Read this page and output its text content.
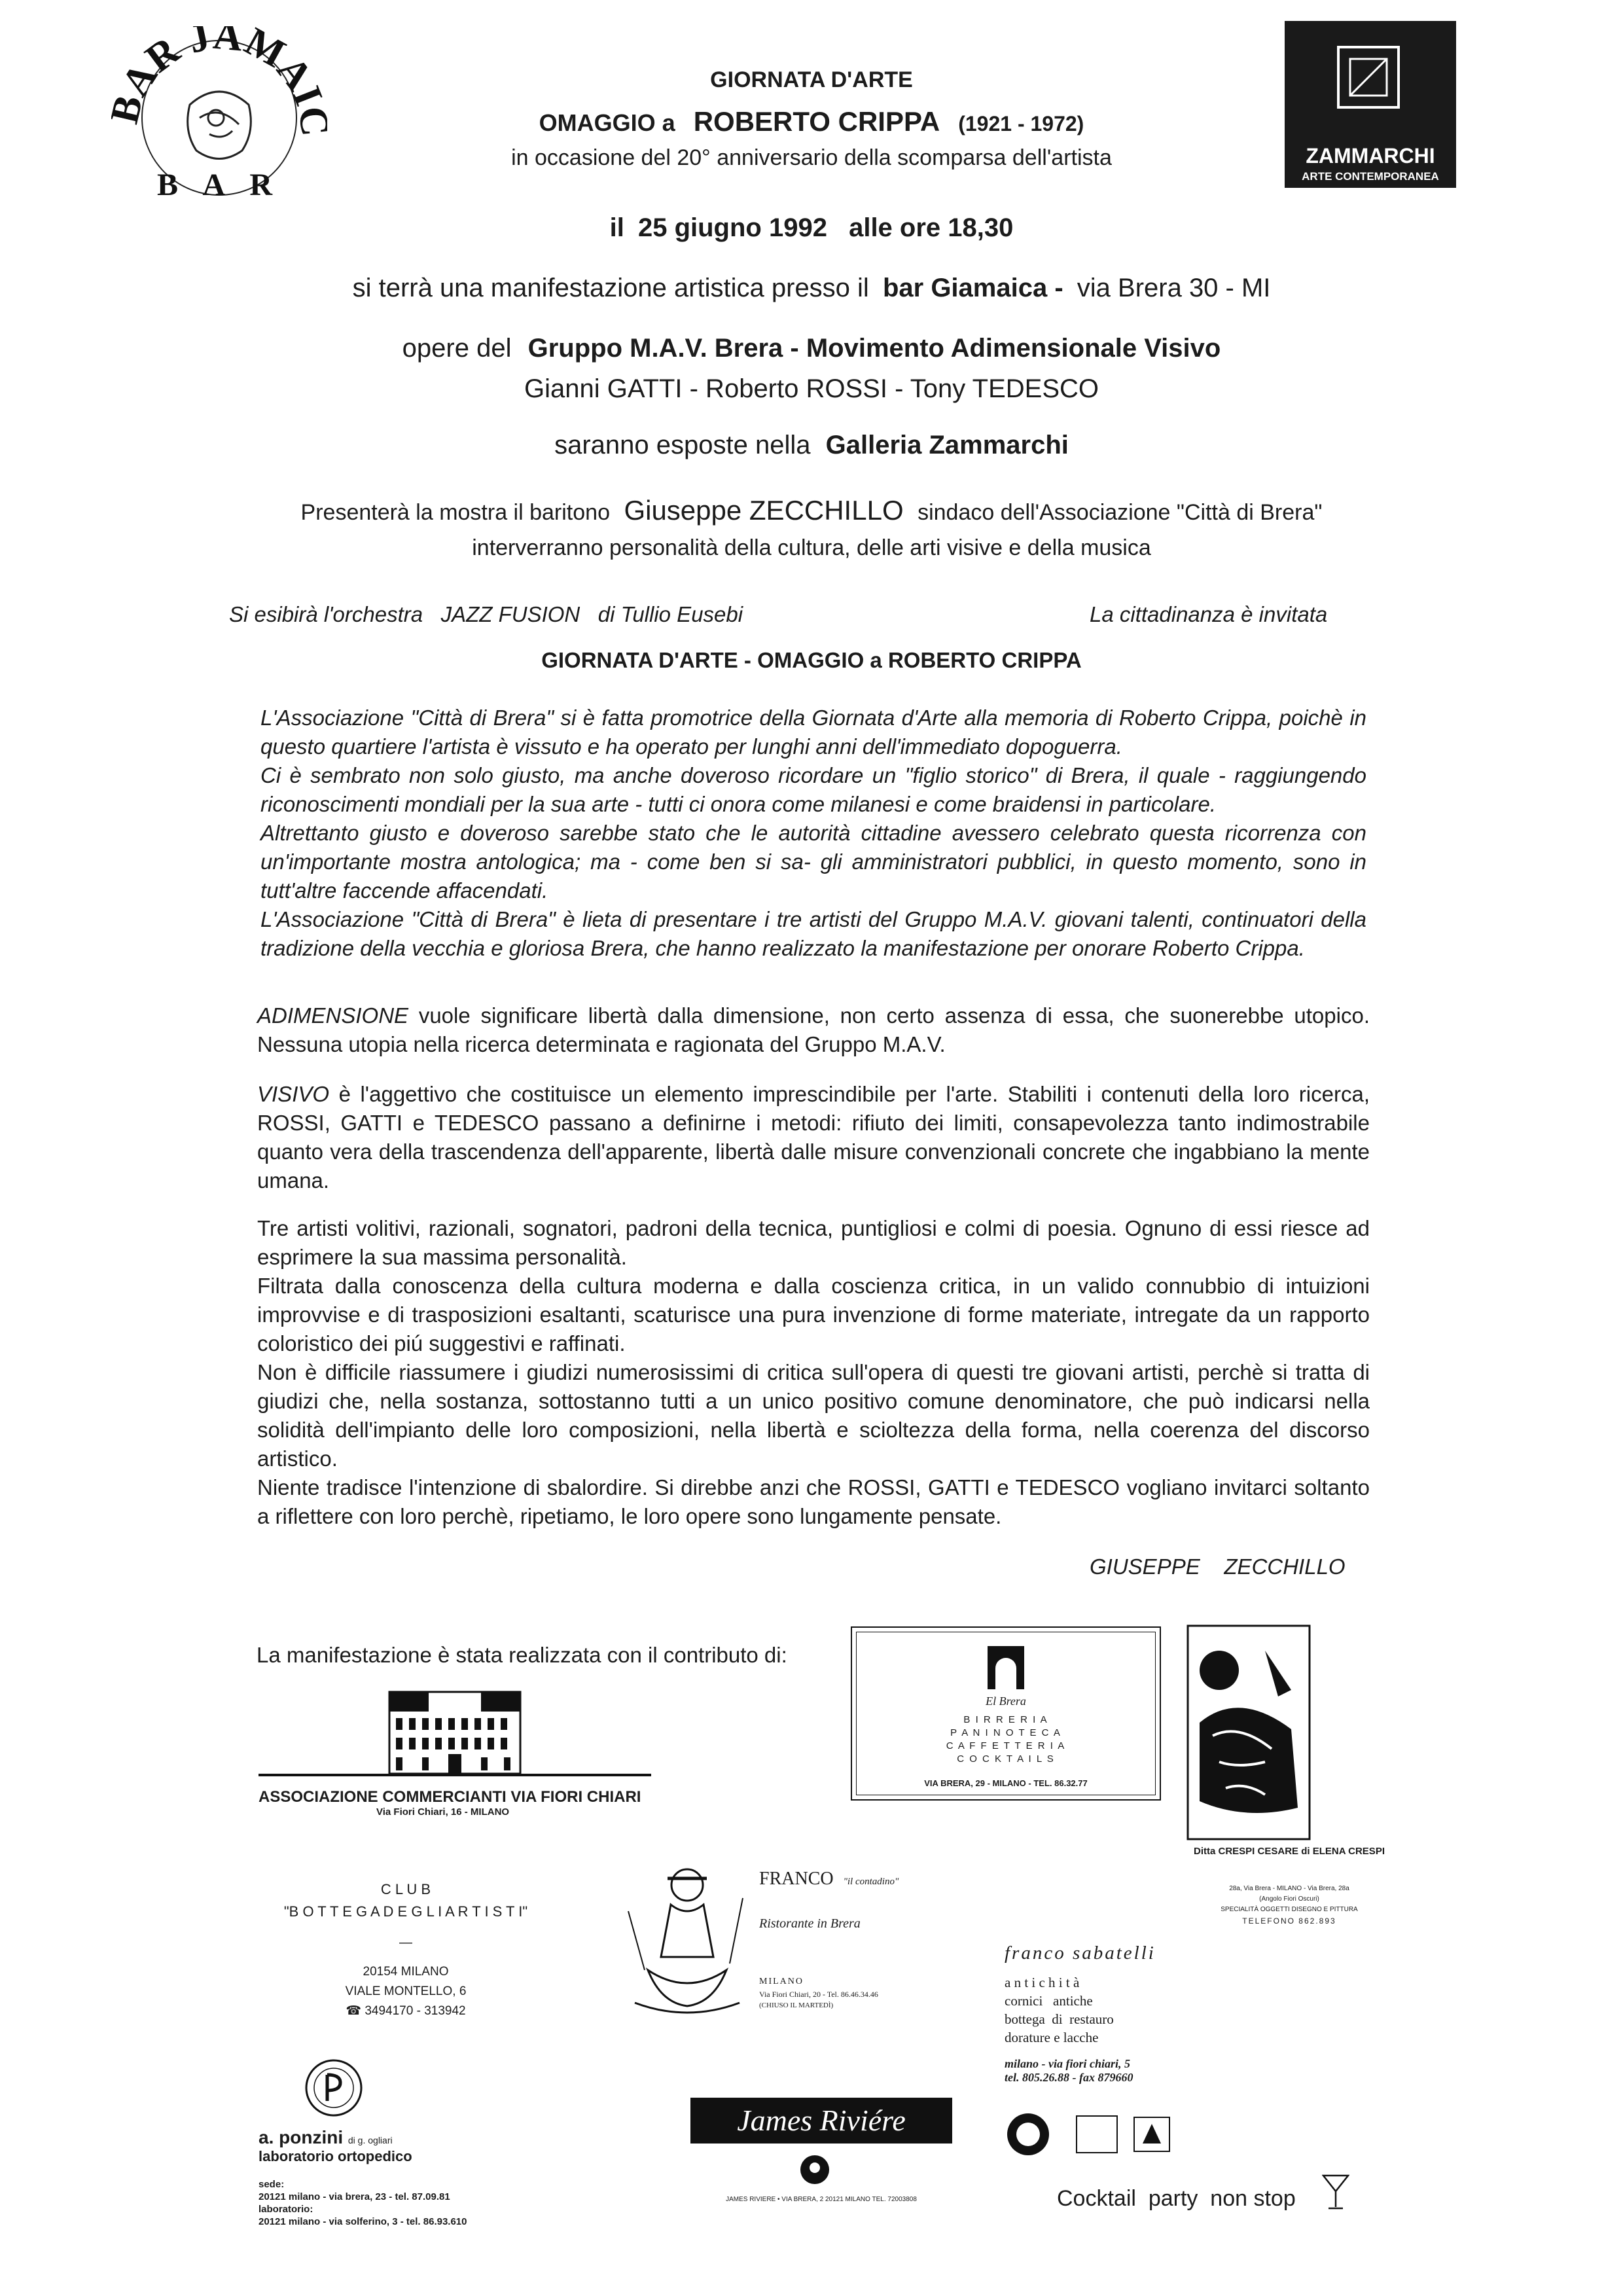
AR JAMAI
B A R
ZAMMARCHI
ARTE CONTEMPORANEA
GIORNATA D'ARTE
OMAGGIO a ROBERTO CRIPPA (1921 - 1972)
in occasione del 20° anniversario della scomparsa dell'artista
il 25 giugno 1992 alle ore 18,30
si terrà una manifestazione artistica presso il bar Giamaica - via Brera 30 - MI
opere del Gruppo M.A.V. Brera - Movimento Adimensionale Visivo
Gianni GATTI - Roberto ROSSI - Tony TEDESCO
saranno esposte nella Galleria Zammarchi
Presenterà la mostra il baritono Giuseppe ZECCHILLO sindaco dell'Associazione "Città di Brera"
interverranno personalità della cultura, delle arti visive e della musica
Si esibirà l'orchestra   JAZZ FUSION   di Tullio Eusebi	La cittadinanza è invitata
GIORNATA D'ARTE - OMAGGIO a ROBERTO CRIPPA

L'Associazione "Città di Brera" si è fatta promotrice della Giornata d'Arte alla memoria di Roberto Crippa, poichè in questo quartiere l'artista è vissuto e ha operato per lunghi anni dell'immediato dopoguerra.

Ci è sembrato non solo giusto, ma anche doveroso ricordare un "figlio storico" di Brera, il quale - raggiungendo riconoscimenti mondiali per la sua arte - tutti ci onora come milanesi e come braidensi in particolare.

Altrettanto giusto e doveroso sarebbe stato che le autorità cittadine avessero celebrato questa ricorrenza con un'importante mostra antologica; ma - come ben si sa- gli amministratori pubblici, in questo momento, sono in tutt'altre faccende affacendati.

L'Associazione "Città di Brera" è lieta di presentare i tre artisti del Gruppo M.A.V. giovani talenti, continuatori della tradizione della vecchia e gloriosa Brera, che hanno realizzato la manifestazione per onorare Roberto Crippa.

ADIMENSIONE vuole significare libertà dalla dimensione, non certo assenza di essa, che suonerebbe utopico. Nessuna utopia nella ricerca determinata e ragionata del Gruppo M.A.V.
VISIVO è l'aggettivo che costituisce un elemento imprescindibile per l'arte. Stabiliti i contenuti della loro ricerca, ROSSI, GATTI e TEDESCO passano a definirne i metodi: rifiuto dei limiti, consapevolezza tanto indimostrabile quanto vera della trascendenza dell'apparente, libertà dalle misure convenzionali concrete che ingabbiano la mente umana.

Tre artisti volitivi, razionali, sognatori, padroni della tecnica, puntigliosi e colmi di poesia. Ognuno di essi riesce ad esprimere la sua massima personalità.

Filtrata dalla conoscenza della cultura moderna e dalla coscienza critica, in un valido connubbio di intuizioni improvvise e di trasposizioni esaltanti, scaturisce una pura invenzione di forme materiate, intregate da un rapporto coloristico dei piú suggestivi e raffinati.

Non è difficile riassumere i giudizi numerosissimi di critica sull'opera di questi tre giovani artisti, perchè si tratta di giudizi che, nella sostanza, sottostanno tutti a un unico positivo comune denominatore, che può indicarsi nella solidità dell'impianto delle loro composizioni, nella libertà e scioltezza della forma, nella coerenza del discorso artistico.

Niente tradisce l'intenzione di sbalordire. Si direbbe anzi che ROSSI, GATTI e TEDESCO vogliano invitarci soltanto a riflettere con loro perchè, ripetiamo, le loro opere sono lungamente pensate.

GIUSEPPE    ZECCHILLO
La manifestazione è stata realizzata con il contributo di:
ASSOCIAZIONE COMMERCIANTI VIA FIORI CHIARI
Via Fiori Chiari, 16 - MILANO
El Brera
B I R R E R I A
P A N I N O T E C A
C A F F E T T E R I A
C O C K T A I L S
VIA BRERA, 29 - MILANO - TEL. 86.32.77
Ditta CRESPI CESARE di ELENA CRESPI
28a, Via Brera - MILANO - Via Brera, 28a
(Angolo Fiori Oscuri)
SPECIALITÀ OGGETTI DISEGNO E PITTURA
TELEFONO 862.893
C L U B
"B O T T E G A D E G L I A R T I S T I"
—
20154 MILANO
VIALE MONTELLO, 6
☎ 3494170 - 313942
FRANCO "il contadino"
Ristorante in Brera
MILANO
Via Fiori Chiari, 20 - Tel. 86.46.34.46
(CHIUSO IL MARTEDÌ)
franco sabatelli
a n t i c h i t à
cornici   antiche
bottega  di  restauro
dorature e lacche
milano - via fiori chiari, 5
tel. 805.26.88 - fax 879660
a. ponzini di g. ogliari
laboratorio ortopedico
sede:
20121 milano - via brera, 23 - tel. 87.09.81
laboratorio:
20121 milano - via solferino, 3 - tel. 86.93.610
James Riviére
JAMES RIVIERE • VIA BRERA, 2 20121 MILANO TEL. 72003808	Cocktail  party  non stop
